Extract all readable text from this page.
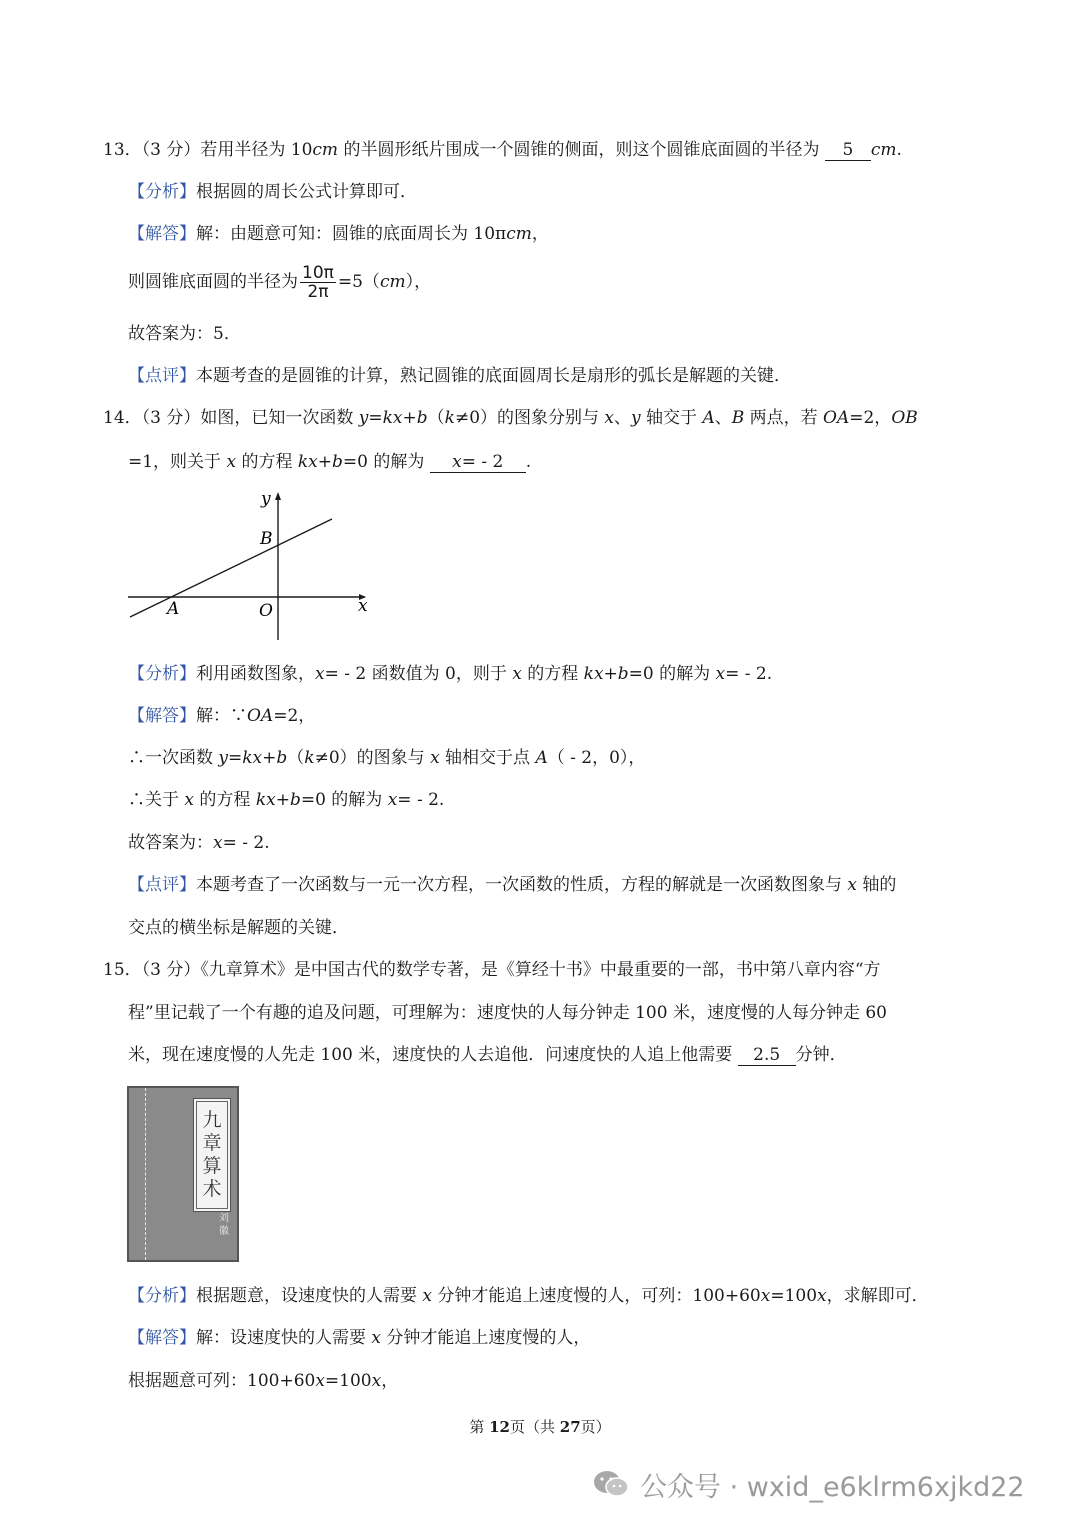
13．（3 分）若用半径为 10cm 的半圆形纸片围成一个圆锥的侧面，则这个圆锥底面圆的半径为 5 cm.
【分析】根据圆的周长公式计算即可．
【解答】解：由题意可知：圆锥的底面周长为 10πcm，
则圆锥底面圆的半径为 $\frac{10\pi}{2\pi} =5(cm)$，
故答案为：5．
【点评】本题考查的是圆锥的计算，熟记圆锥的底面圆周长是扇形的弧长是解题的关键．
14．（3 分）如图，已知一次函数 y=kx+b（k≠0）的图象分别与 x、y 轴交于 A、B 两点，若 OA=2，OB
=1，则关于 x 的方程 kx+b=0 的解为 x= - 2 .
y
B
A	O	x
【分析】利用函数图象，x= - 2 函数值为 0，则于 x 的方程 kx+b=0 的解为 x= - 2.
【解答】解：∵OA=2，
∴一次函数 y=kx+b（k≠0）的图象与 x 轴相交于点 A（ - 2，0），
∴关于 x 的方程 kx+b=0 的解为 x= - 2.
故答案为：x= - 2.
【点评】本题考查了一次函数与一元一次方程，一次函数的性质，方程的解就是一次函数图象与 x 轴的
交点的横坐标是解题的关键．
15．（3 分）《九章算术》是中国古代的数学专著，是《算经十书》中最重要的一部，书中第八章内容“方
程”里记载了一个有趣的追及问题，可理解为：速度快的人每分钟走 100 米，速度慢的人每分钟走 60
米，现在速度慢的人先走 100 米，速度快的人去追他．问速度快的人追上他需要 2.5 分钟．
九
章
算
术
刘
徽
【分析】根据题意，设速度快的人需要 x 分钟才能追上速度慢的人，可列：100+60x=100x，求解即可．
【解答】解：设速度快的人需要 x 分钟才能追上速度慢的人，
根据题意可列：100+60x=100x，
第 12页（共 27页）
公众号 · wxid_e6klrm6xjkd22
